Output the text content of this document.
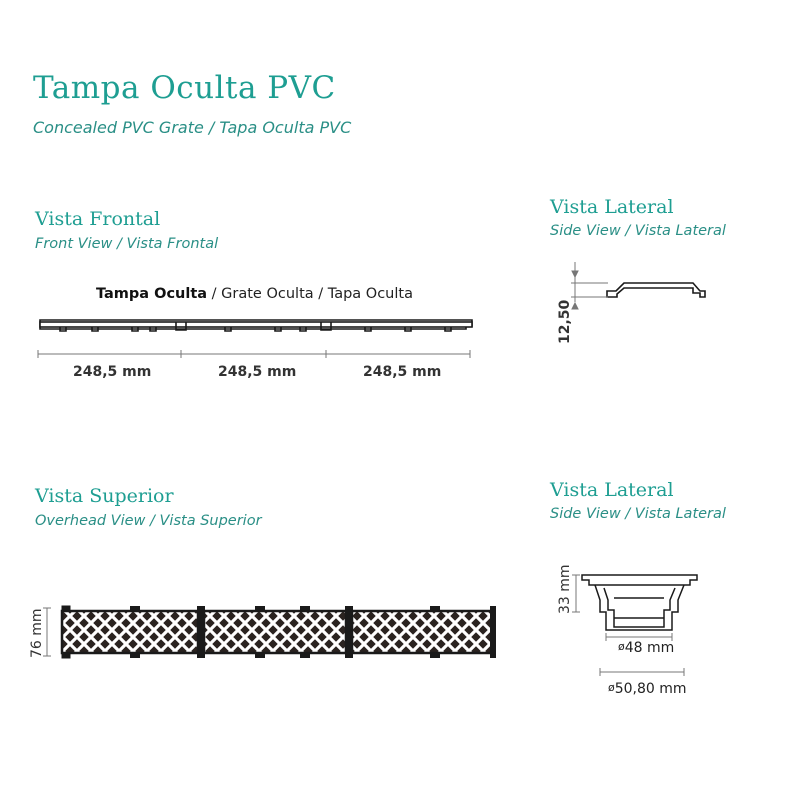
Tampa Oculta PVC
Concealed PVC Grate / Tapa Oculta PVC
Vista Frontal
Front View / Vista Frontal
Tampa Oculta / Grate Oculta / Tapa Oculta
248,5 mm	248,5 mm	248,5 mm
Vista Lateral
Side View / Vista Lateral
12,50
Vista Superior
Overhead View / Vista Superior
76 mm
Vista Lateral
Side View / Vista Lateral
33 mm
$^ø$48 mm
$^ø$50,80 mm
